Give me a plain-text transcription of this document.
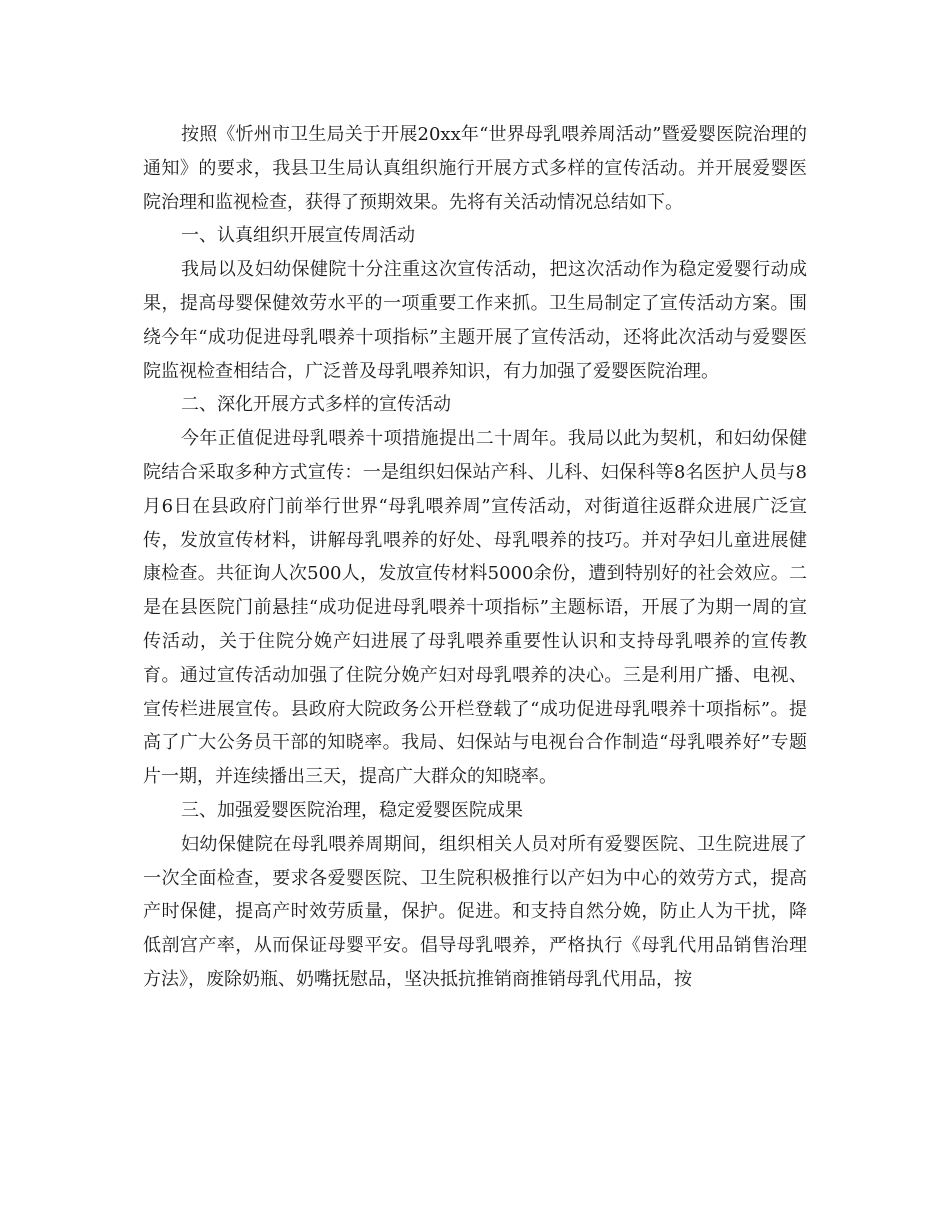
按照《忻州市卫生局关于开展20xx年“世界母乳喂养周活动”暨爱婴医院治理的通知》的要求，我县卫生局认真组织施行开展方式多样的宣传活动。并开展爱婴医院治理和监视检查，获得了预期效果。先将有关活动情况总结如下。

一、认真组织开展宣传周活动

我局以及妇幼保健院十分注重这次宣传活动，把这次活动作为稳定爱婴行动成果，提高母婴保健效劳水平的一项重要工作来抓。卫生局制定了宣传活动方案。围绕今年“成功促进母乳喂养十项指标”主题开展了宣传活动，还将此次活动与爱婴医院监视检查相结合，广泛普及母乳喂养知识，有力加强了爱婴医院治理。

二、深化开展方式多样的宣传活动

今年正值促进母乳喂养十项措施提出二十周年。我局以此为契机，和妇幼保健院结合采取多种方式宣传：一是组织妇保站产科、儿科、妇保科等8名医护人员与8月6日在县政府门前举行世界“母乳喂养周”宣传活动，对街道往返群众进展广泛宣传，发放宣传材料，讲解母乳喂养的好处、母乳喂养的技巧。并对孕妇儿童进展健康检查。共征询人次500人，发放宣传材料5000余份，遭到特别好的社会效应。二是在县医院门前悬挂“成功促进母乳喂养十项指标”主题标语，开展了为期一周的宣传活动，关于住院分娩产妇进展了母乳喂养重要性认识和支持母乳喂养的宣传教育。通过宣传活动加强了住院分娩产妇对母乳喂养的决心。三是利用广播、电视、宣传栏进展宣传。县政府大院政务公开栏登载了“成功促进母乳喂养十项指标”。提高了广大公务员干部的知晓率。我局、妇保站与电视台合作制造“母乳喂养好”专题片一期，并连续播出三天，提高广大群众的知晓率。

三、加强爱婴医院治理，稳定爱婴医院成果

妇幼保健院在母乳喂养周期间，组织相关人员对所有爱婴医院、卫生院进展了一次全面检查，要求各爱婴医院、卫生院积极推行以产妇为中心的效劳方式，提高产时保健，提高产时效劳质量，保护。促进。和支持自然分娩，防止人为干扰，降低剖宫产率，从而保证母婴平安。倡导母乳喂养，严格执行《母乳代用品销售治理方法》，废除奶瓶、奶嘴抚慰品，坚决抵抗推销商推销母乳代用品，按
